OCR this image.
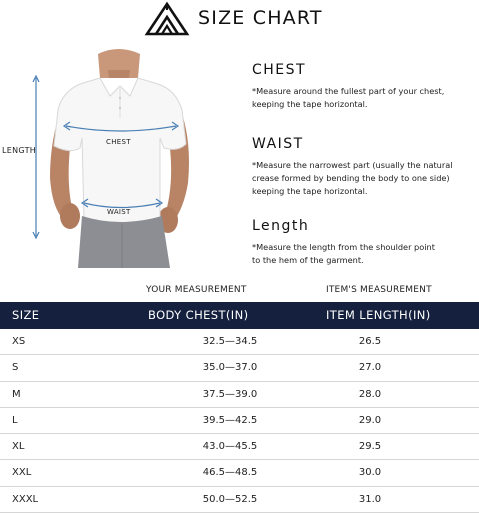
SIZE CHART
LENGTH
CHEST
WAIST
CHEST
*Measure around the fullest part of your chest,
keeping the tape horizontal.
WAIST
*Measure the narrowest part (usually the natural
crease formed by bending the body to one side)
keeping the tape horizontal.
Length
*Measure the length from the shoulder point
to the hem of the garment.
YOUR MEASUREMENT	ITEM'S MEASUREMENT
SIZE	BODY CHEST(IN)	ITEM LENGTH(IN)
XS	32.5—34.5	26.5
S	35.0—37.0	27.0
M	37.5—39.0	28.0
L	39.5—42.5	29.0
XL	43.0—45.5	29.5
XXL	46.5—48.5	30.0
XXXL	50.0—52.5	31.0
